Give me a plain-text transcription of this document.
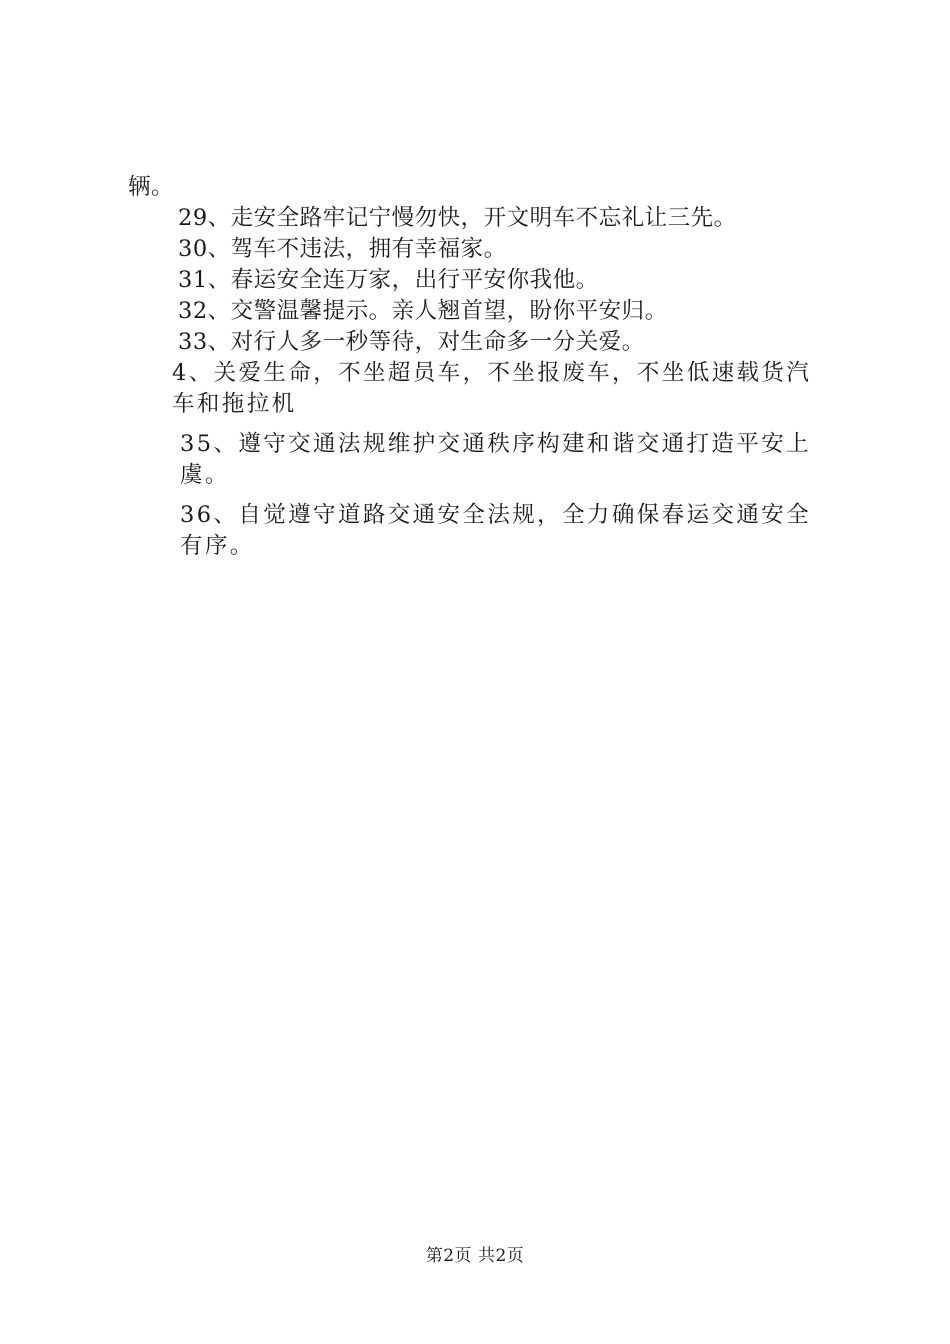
辆。
29、走安全路牢记宁慢勿快，开文明车不忘礼让三先。
30、驾车不违法，拥有幸福家。
31、春运安全连万家，出行平安你我他。
32、交警温馨提示。亲人翘首望，盼你平安归。
33、对行人多一秒等待，对生命多一分关爱。
4、关爱生命，不坐超员车，不坐报废车，不坐低速载货汽车和拖拉机
35、遵守交通法规维护交通秩序构建和谐交通打造平安上虞。
36、自觉遵守道路交通安全法规，全力确保春运交通安全有序。
第2页 共2页
